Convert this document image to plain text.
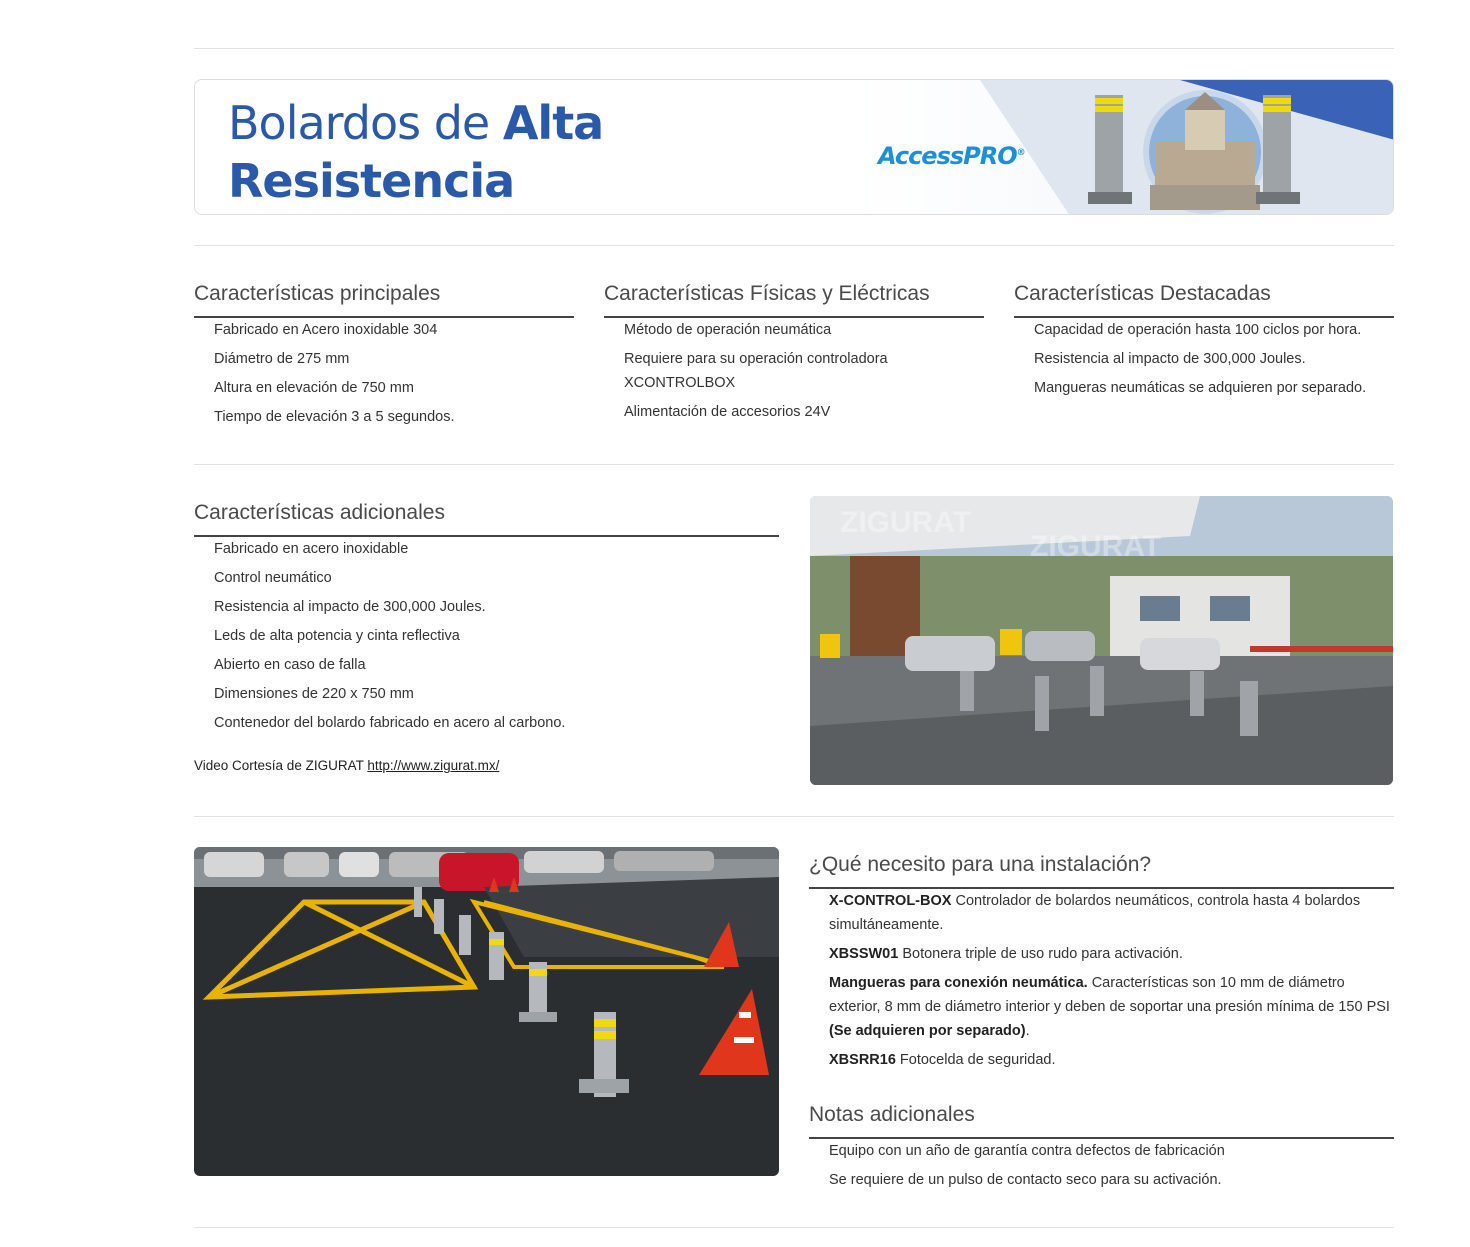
Bolardos de Alta
Resistencia	AccessPRO®
Características principales
Fabricado en Acero inoxidable 304
Diámetro de 275 mm
Altura en elevación de 750 mm
Tiempo de elevación 3 a 5 segundos.
Características Físicas y Eléctricas
Método de operación neumática
Requiere para su operación controladora XCONTROLBOX
Alimentación de accesorios 24V
Características Destacadas
Capacidad de operación hasta 100 ciclos por hora.
Resistencia al impacto de 300,000 Joules.
Mangueras neumáticas se adquieren por separado.
Características adicionales
Fabricado en acero inoxidable
Control neumático
Resistencia al impacto de 300,000 Joules.
Leds de alta potencia y cinta reflectiva
Abierto en caso de falla
Dimensiones de 220 x 750 mm
Contenedor del bolardo fabricado en acero al carbono.
Video Cortesía de ZIGURAT http://www.zigurat.mx/
ZIGURAT
ZIGURAT
¿Qué necesito para una instalación?
X-CONTROL-BOX Controlador de bolardos neumáticos, controla hasta 4 bolardos simultáneamente.
XBSSW01 Botonera triple de uso rudo para activación.
Mangueras para conexión neumática. Características son 10 mm de diámetro exterior, 8 mm de diámetro interior y deben de soportar una presión mínima de 150 PSI (Se adquieren por separado).
XBSRR16 Fotocelda de seguridad.
Notas adicionales
Equipo con un año de garantía contra defectos de fabricación
Se requiere de un pulso de contacto seco para su activación.
